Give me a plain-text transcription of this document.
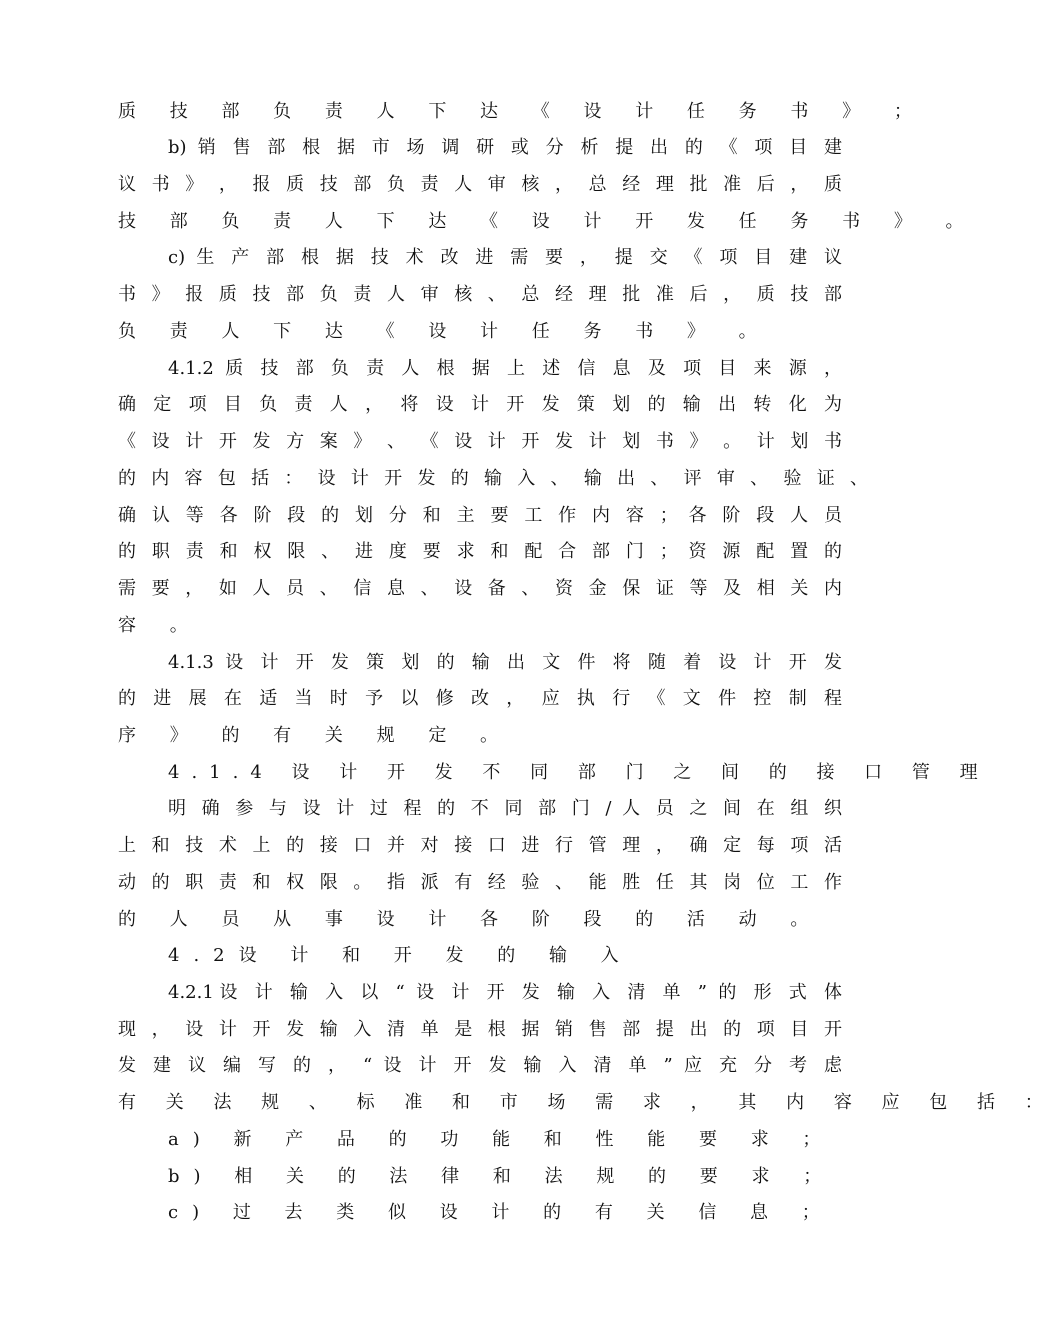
质 技 部 负 责 人 下 达 《 设 计 任 务 书 》 ；
b) 销 售 部 根 据 市 场 调 研 或 分 析 提 出 的 《 项 目 建
议 书 》 ， 报 质 技 部 负 责 人 审 核 ， 总 经 理 批 准 后 ， 质
技 部 负 责 人 下 达 《 设 计 开 发 任 务 书 》 。
c) 生 产 部 根 据 技 术 改 进 需 要 ， 提 交 《 项 目 建 议
书 》 报 质 技 部 负 责 人 审 核 、 总 经 理 批 准 后 ， 质 技 部
负 责 人 下 达 《 设 计 任 务 书 》 。
4.1.2 质 技 部 负 责 人 根 据 上 述 信 息 及 项 目 来 源 ，
确 定 项 目 负 责 人 ， 将 设 计 开 发 策 划 的 输 出 转 化 为
《 设 计 开 发 方 案 》 、 《 设 计 开 发 计 划 书 》 。 计 划 书
的 内 容 包 括 ： 设 计 开 发 的 输 入 、 输 出 、 评 审 、 验 证 、
确 认 等 各 阶 段 的 划 分 和 主 要 工 作 内 容 ； 各 阶 段 人 员
的 职 责 和 权 限 、 进 度 要 求 和 配 合 部 门 ； 资 源 配 置 的
需 要 ， 如 人 员 、 信 息 、 设 备 、 资 金 保 证 等 及 相 关 内
容 。
4.1.3 设 计 开 发 策 划 的 输 出 文 件 将 随 着 设 计 开 发
的 进 展 在 适 当 时 予 以 修 改 ， 应 执 行 《 文 件 控 制 程
序 》 的 有 关 规 定 。
4.1.4 设 计 开 发 不 同 部 门 之 间 的 接 口 管 理
明 确 参 与 设 计 过 程 的 不 同 部 门 / 人 员 之 间 在 组 织
上 和 技 术 上 的 接 口 并 对 接 口 进 行 管 理 ， 确 定 每 项 活
动 的 职 责 和 权 限 。 指 派 有 经 验 、 能 胜 任 其 岗 位 工 作
的 人 员 从 事 设 计 各 阶 段 的 活 动 。
4.2设 计 和 开 发 的 输 入
4.2.1设 计 输 入 以 “ 设 计 开 发 输 入 清 单 ” 的 形 式 体
现 ， 设 计 开 发 输 入 清 单 是 根 据 销 售 部 提 出 的 项 目 开
发 建 议 编 写 的 ， “ 设 计 开 发 输 入 清 单 ” 应 充 分 考 虑
有 关 法 规 、 标 准 和 市 场 需 求 ， 其 内 容 应 包 括 ：
a) 新 产 品 的 功 能 和 性 能 要 求 ；
b) 相 关 的 法 律 和 法 规 的 要 求 ；
c) 过 去 类 似 设 计 的 有 关 信 息 ；
